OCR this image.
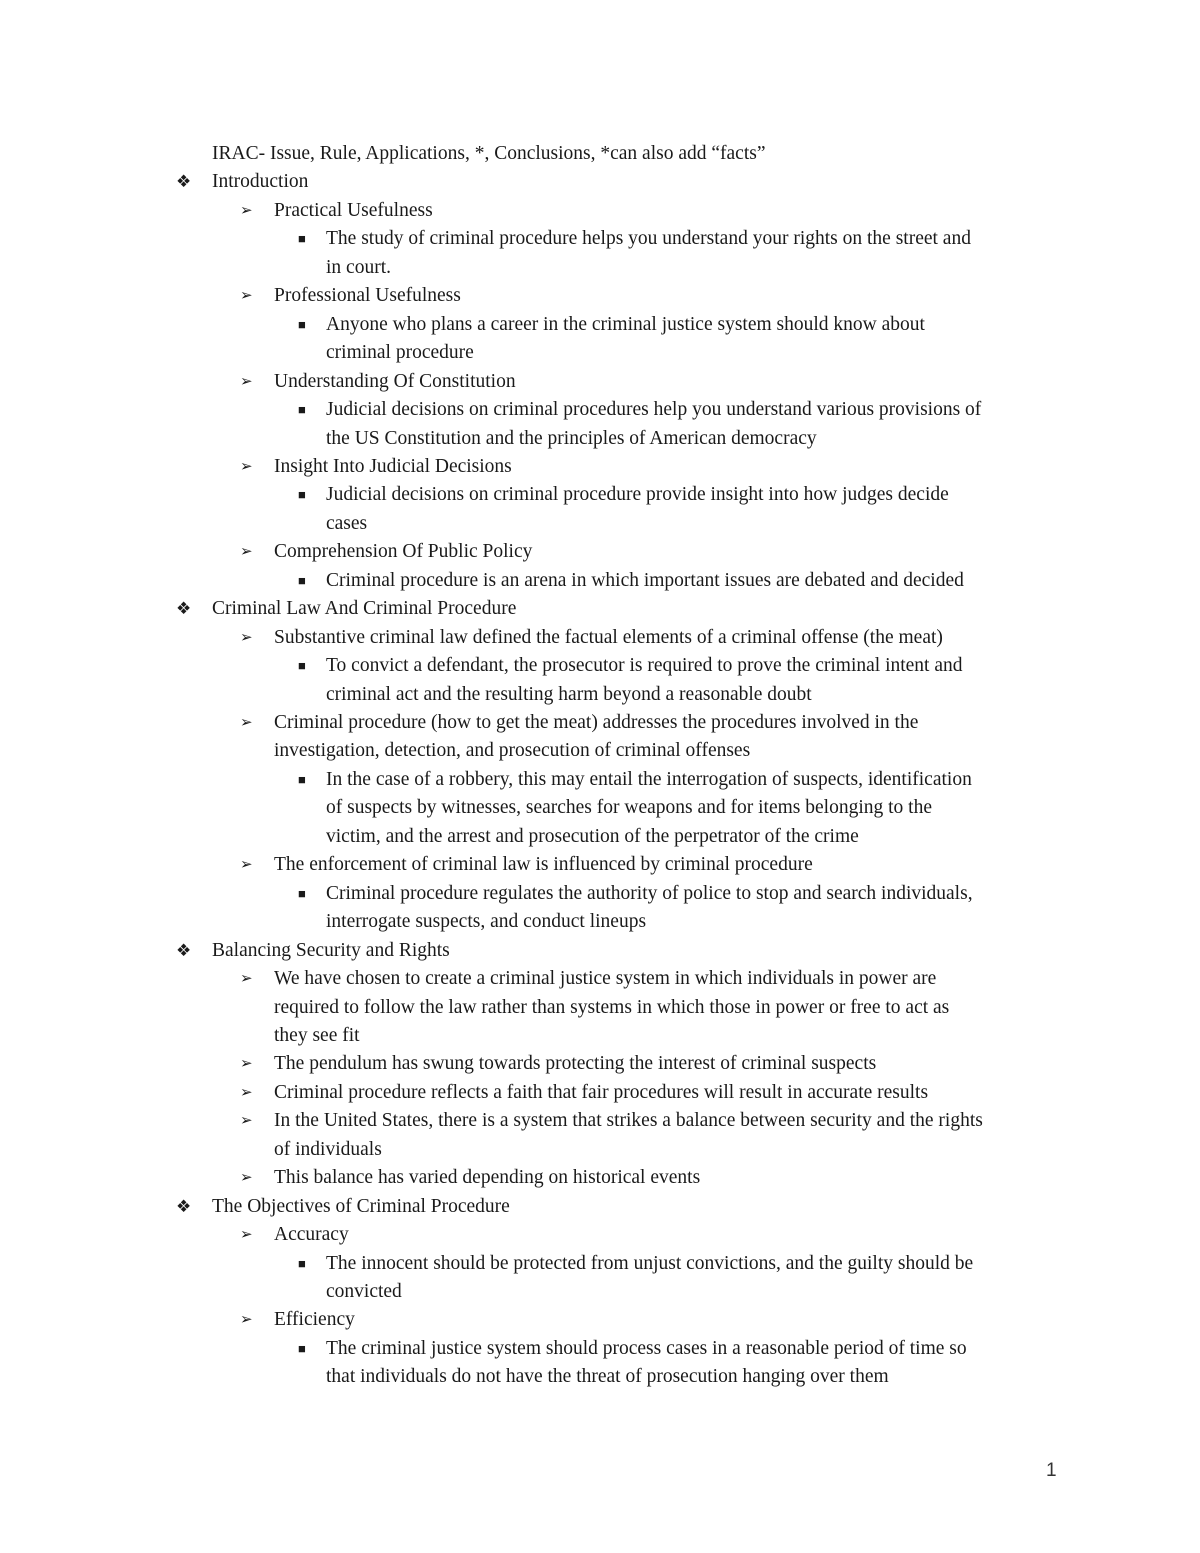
IRAC- Issue, Rule, Applications, *, Conclusions, *can also add “facts”
❖ Introduction
➢ Practical Usefulness
■ The study of criminal procedure helps you understand your rights on the street and
in court.
➢ Professional Usefulness
■ Anyone who plans a career in the criminal justice system should know about
criminal procedure
➢ Understanding Of Constitution
■ Judicial decisions on criminal procedures help you understand various provisions of
the US Constitution and the principles of American democracy
➢ Insight Into Judicial Decisions
■ Judicial decisions on criminal procedure provide insight into how judges decide
cases
➢ Comprehension Of Public Policy
■ Criminal procedure is an arena in which important issues are debated and decided
❖ Criminal Law And Criminal Procedure
➢ Substantive criminal law defined the factual elements of a criminal offense (the meat)
■ To convict a defendant, the prosecutor is required to prove the criminal intent and
criminal act and the resulting harm beyond a reasonable doubt
➢ Criminal procedure (how to get the meat) addresses the procedures involved in the
investigation, detection, and prosecution of criminal offenses
■ In the case of a robbery, this may entail the interrogation of suspects, identification
of suspects by witnesses, searches for weapons and for items belonging to the
victim, and the arrest and prosecution of the perpetrator of the crime
➢ The enforcement of criminal law is influenced by criminal procedure
■ Criminal procedure regulates the authority of police to stop and search individuals,
interrogate suspects, and conduct lineups
❖ Balancing Security and Rights
➢ We have chosen to create a criminal justice system in which individuals in power are
required to follow the law rather than systems in which those in power or free to act as
they see fit
➢ The pendulum has swung towards protecting the interest of criminal suspects
➢ Criminal procedure reflects a faith that fair procedures will result in accurate results
➢ In the United States, there is a system that strikes a balance between security and the rights
of individuals
➢ This balance has varied depending on historical events
❖ The Objectives of Criminal Procedure
➢ Accuracy
■ The innocent should be protected from unjust convictions, and the guilty should be
convicted
➢ Efficiency
■ The criminal justice system should process cases in a reasonable period of time so
that individuals do not have the threat of prosecution hanging over them
1
